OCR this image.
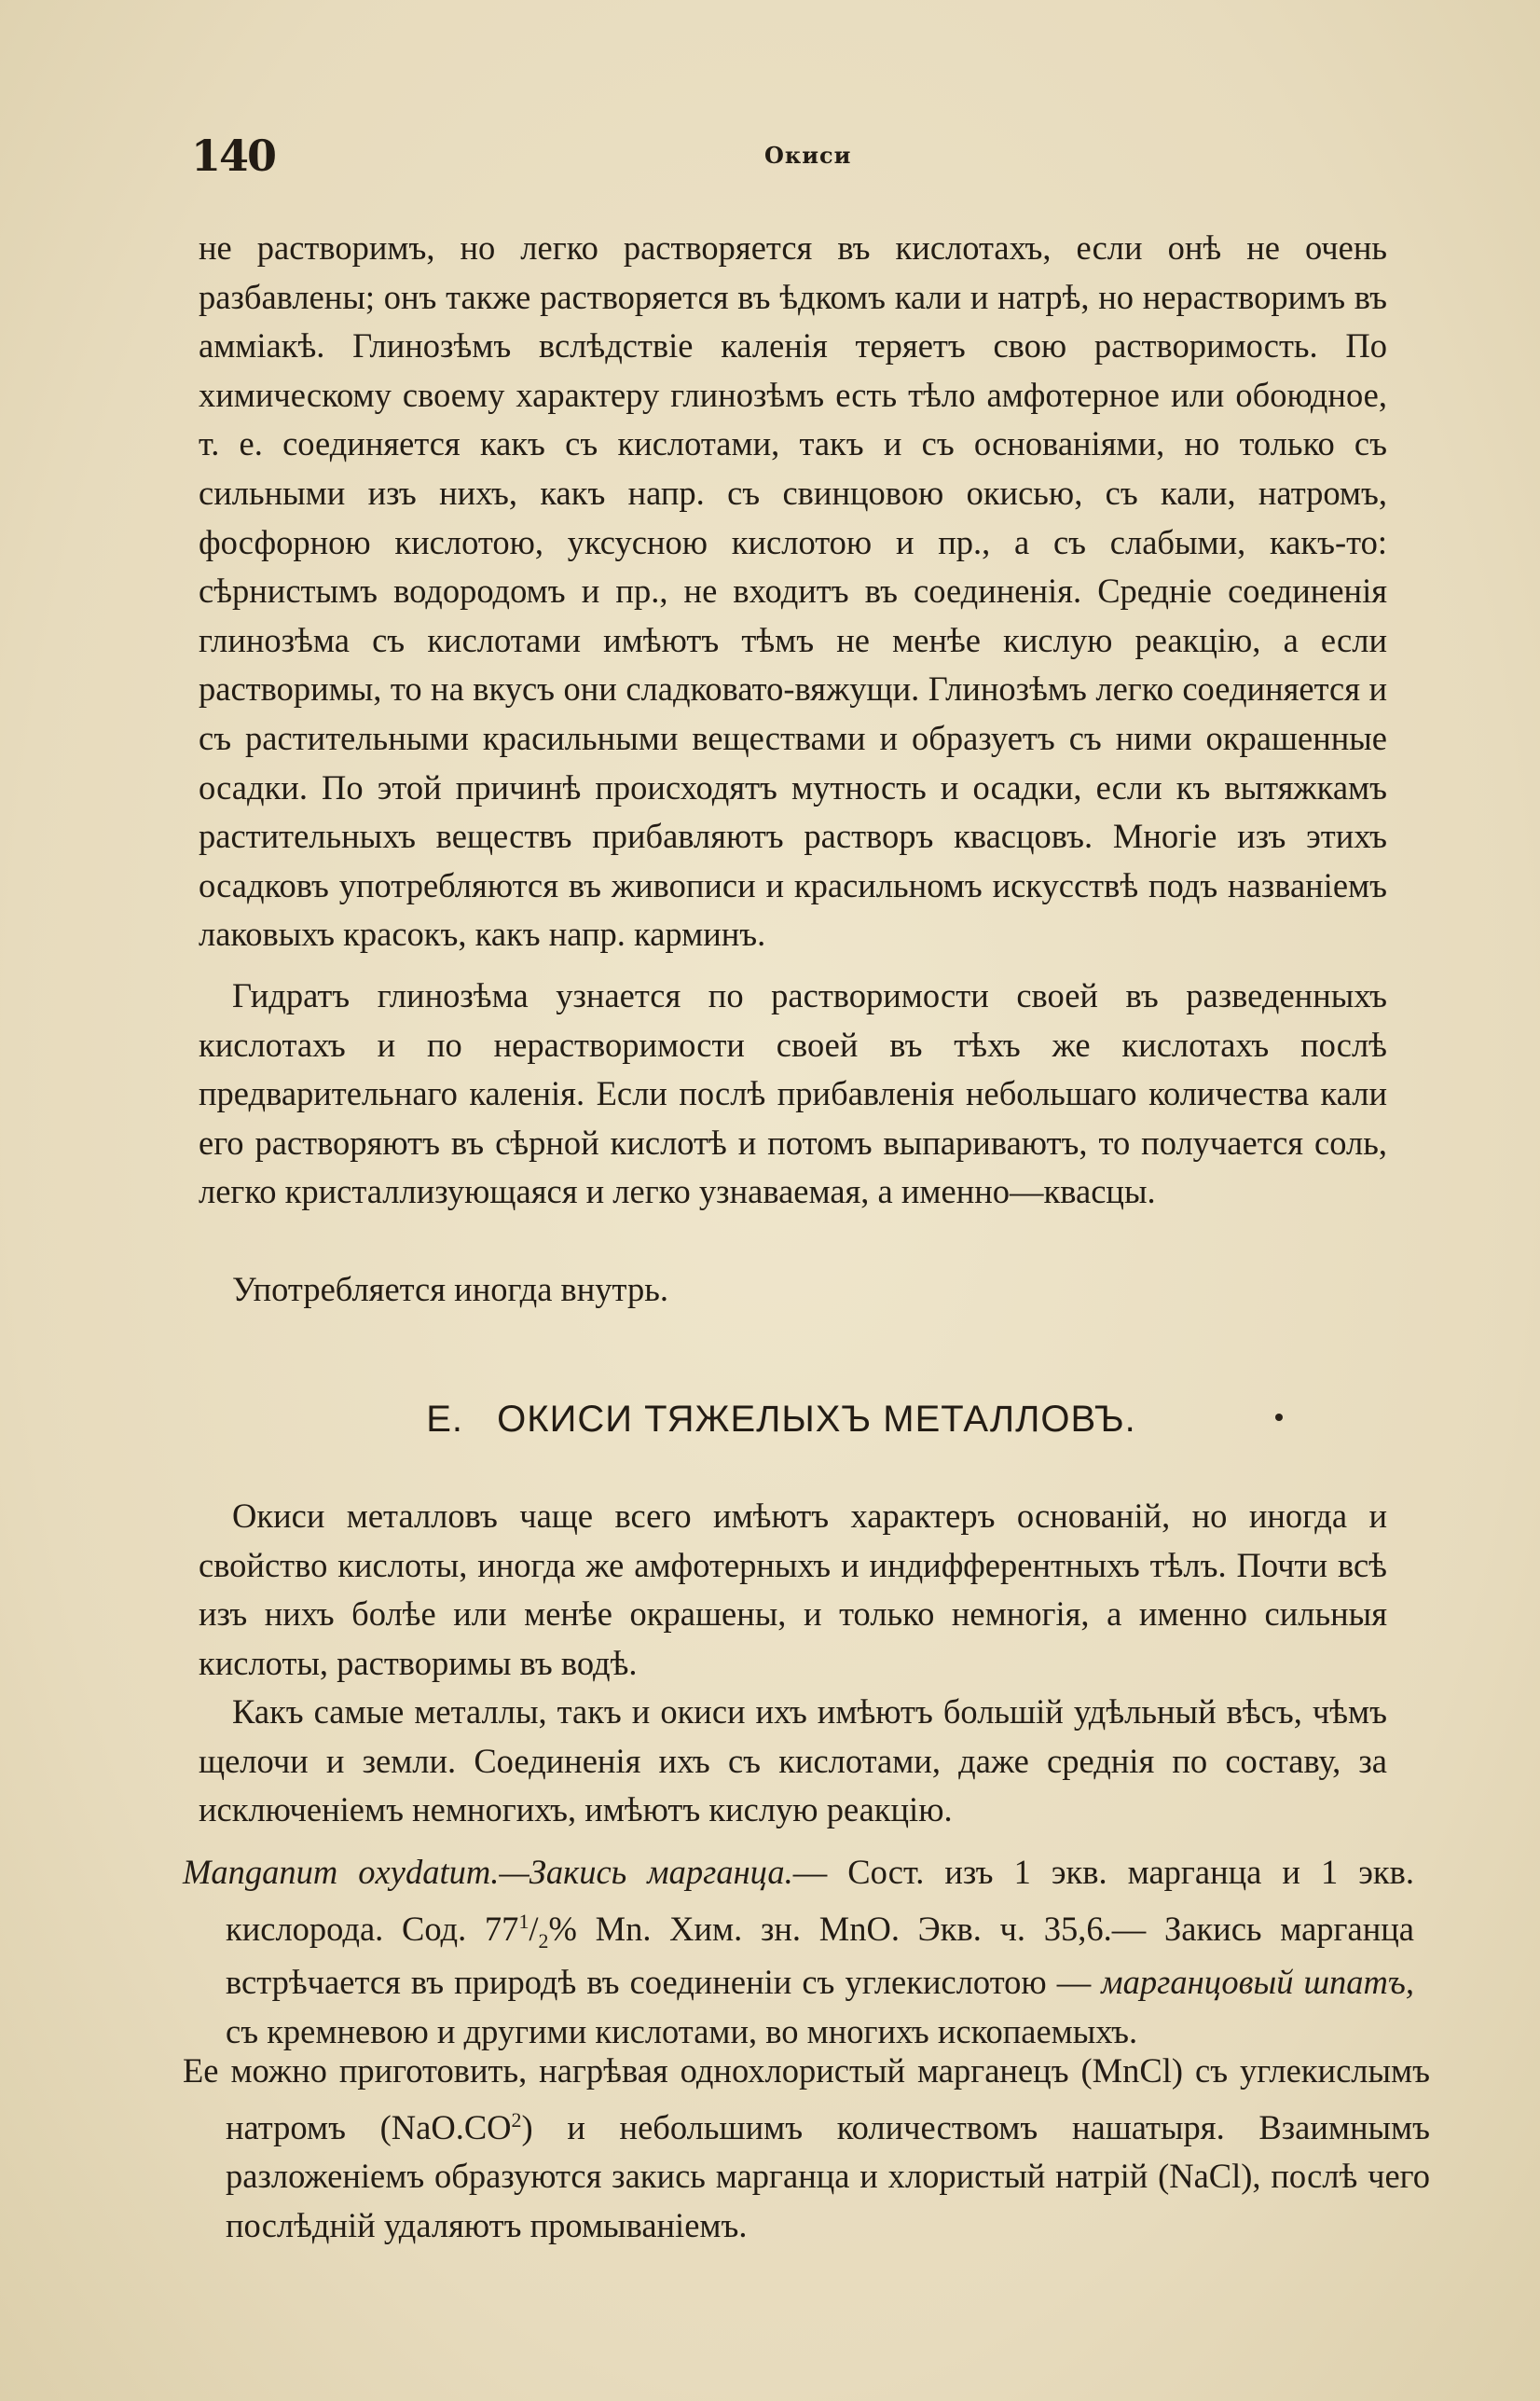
140	Окиси

не растворимъ, но легко растворяется въ кислотахъ, если онѣ не очень разбавлены; онъ также растворяется въ ѣдкомъ кали и натрѣ, но нерастворимъ въ амміакѣ. Глинозѣмъ вслѣдствіе каленія теряетъ свою растворимость. По химическому своему характеру глинозѣмъ есть тѣло амфотерное или обоюдное, т. е. соединяется какъ съ кислотами, такъ и съ основаніями, но только съ сильными изъ нихъ, какъ напр. съ свинцовою окисью, съ кали, натромъ, фосфорною кислотою, уксусною кислотою и пр., а съ слабыми, какъ-то: сѣрнистымъ водородомъ и пр., не входитъ въ соединенія. Средніе соединенія глинозѣма съ кислотами имѣютъ тѣмъ не менѣе кислую реакцію, а если растворимы, то на вкусъ они сладковато-вяжущи. Глинозѣмъ легко соединяется и съ растительными красильными веществами и образуетъ съ ними окрашенные осадки. По этой причинѣ происходятъ мутность и осадки, если къ вытяжкамъ растительныхъ веществъ прибавляютъ растворъ квасцовъ. Многіе изъ этихъ осадковъ употребляются въ живописи и красильномъ искусствѣ подъ названіемъ лаковыхъ красокъ, какъ напр. карминъ.

Гидратъ глинозѣма узнается по растворимости своей въ разведенныхъ кислотахъ и по нерастворимости своей въ тѣхъ же кислотахъ послѣ предварительнаго каленія. Если послѣ прибавленія небольшаго количества кали его растворяютъ въ сѣрной кислотѣ и потомъ выпариваютъ, то получается соль, легко кристаллизующаяся и легко узнаваемая, а именно—квасцы.

Употребляется иногда внутрь.

Е. ОКИСИ ТЯЖЕЛЫХЪ МЕТАЛЛОВЪ.

Окиси металловъ чаще всего имѣютъ характеръ основаній, но иногда и свойство кислоты, иногда же амфотерныхъ и индифферентныхъ тѣлъ. Почти всѣ изъ нихъ болѣе или менѣе окрашены, и только немногія, а именно сильныя кислоты, растворимы въ водѣ.

Какъ самые металлы, такъ и окиси ихъ имѣютъ большій удѣльный вѣсъ, чѣмъ щелочи и земли. Соединенія ихъ съ кислотами, даже среднія по составу, за исключеніемъ немногихъ, имѣютъ кислую реакцію.

Manganum oxydatum.—Закись марганца.— Сост. изъ 1 экв. марганца и 1 экв. кислорода. Сод. $77^1/_2\%$ Mn. Хим. зн. MnO. Экв. ч. 35,6.— Закись марганца встрѣчается въ природѣ въ соединеніи съ углекислотою — марганцовый шпатъ, съ кремневою и другими кислотами, во многихъ ископаемыхъ.

Ее можно приготовить, нагрѣвая однохлористый марганецъ (MnCl) съ углекислымъ натромъ $(NaO.CO^2)$ и небольшимъ количествомъ нашатыря. Взаимнымъ разложеніемъ образуются закись марганца и хлористый натрій (NaCl), послѣ чего послѣдній удаляютъ промываніемъ.
